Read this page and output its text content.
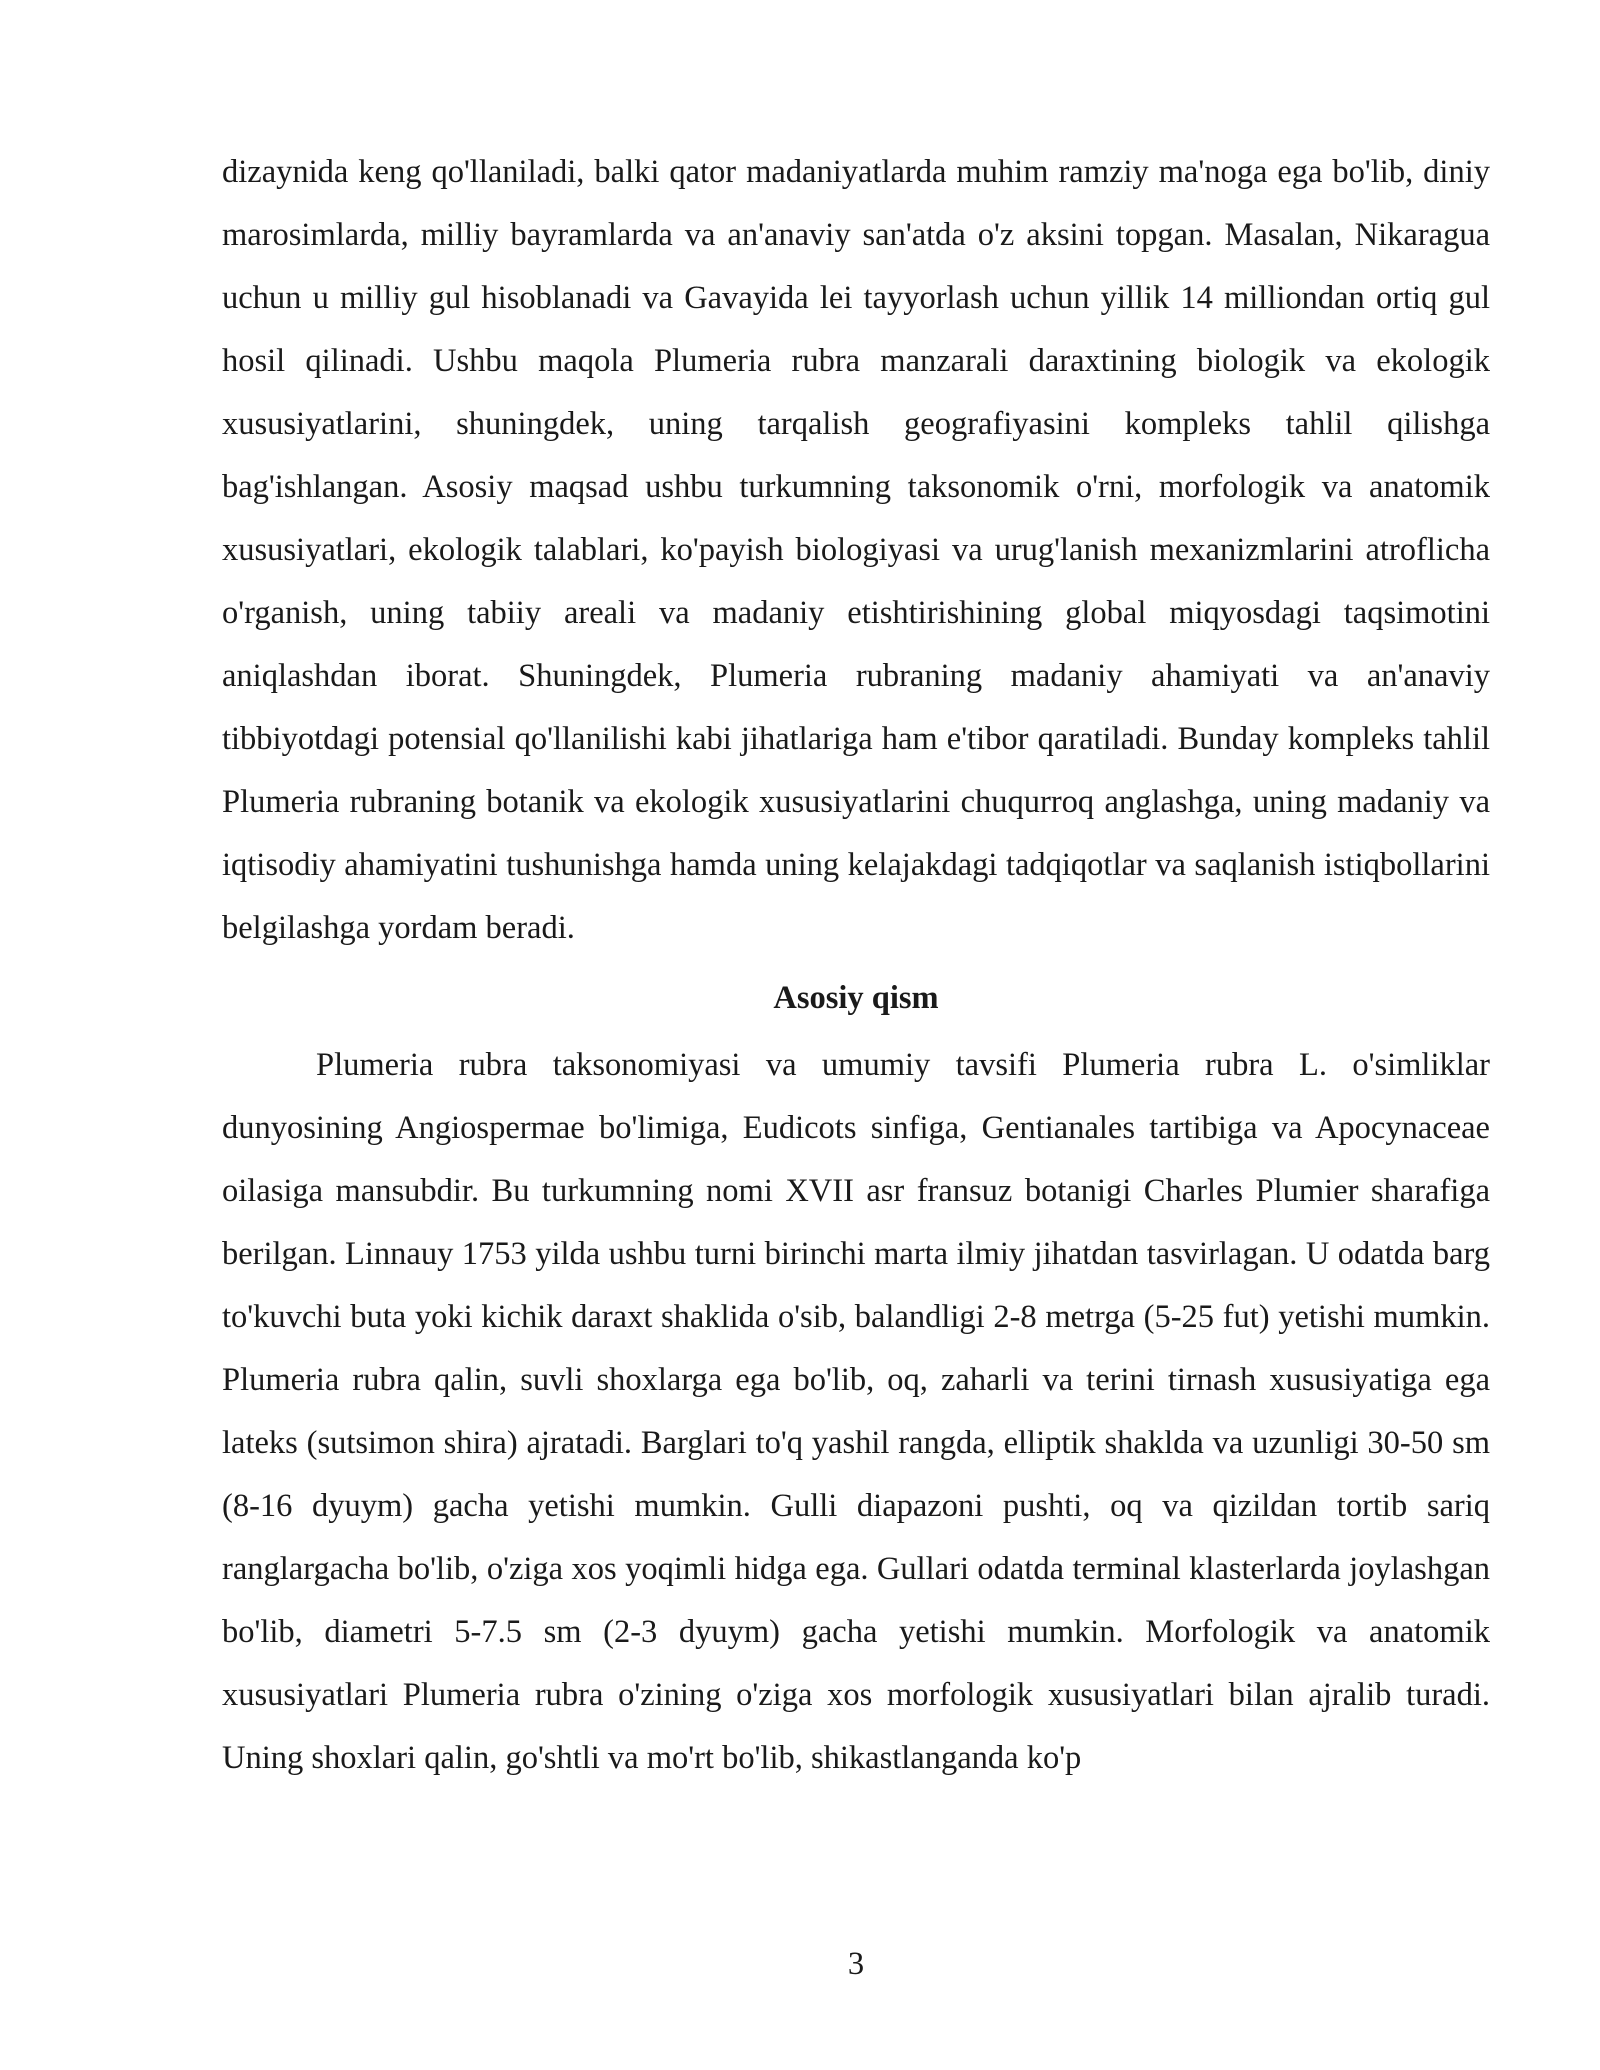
dizaynida keng qo'llaniladi, balki qator madaniyatlarda muhim ramziy ma'noga ega bo'lib, diniy marosimlarda, milliy bayramlarda va an'anaviy san'atda o'z aksini topgan. Masalan, Nikaragua uchun u milliy gul hisoblanadi va Gavayida lei tayyorlash uchun yillik 14 milliondan ortiq gul hosil qilinadi. Ushbu maqola Plumeria rubra manzarali daraxtining biologik va ekologik xususiyatlarini, shuningdek, uning tarqalish geografiyasini kompleks tahlil qilishga bag'ishlangan. Asosiy maqsad ushbu turkumning taksonomik o'rni, morfologik va anatomik xususiyatlari, ekologik talablari, ko'payish biologiyasi va urug'lanish mexanizmlarini atroflicha o'rganish, uning tabiiy areali va madaniy etishtirishining global miqyosdagi taqsimotini aniqlashdan iborat. Shuningdek, Plumeria rubraning madaniy ahamiyati va an'anaviy tibbiyotdagi potensial qo'llanilishi kabi jihatlariga ham e'tibor qaratiladi. Bunday kompleks tahlil Plumeria rubraning botanik va ekologik xususiyatlarini chuqurroq anglashga, uning madaniy va iqtisodiy ahamiyatini tushunishga hamda uning kelajakdagi tadqiqotlar va saqlanish istiqbollarini belgilashga yordam beradi.

Asosiy qism

Plumeria rubra taksonomiyasi va umumiy tavsifi Plumeria rubra L. o'simliklar dunyosining Angiospermae bo'limiga, Eudicots sinfiga, Gentianales tartibiga va Apocynaceae oilasiga mansubdir. Bu turkumning nomi XVII asr fransuz botanigi Charles Plumier sharafiga berilgan. Linnauy 1753 yilda ushbu turni birinchi marta ilmiy jihatdan tasvirlagan. U odatda barg to'kuvchi buta yoki kichik daraxt shaklida o'sib, balandligi 2-8 metrga (5-25 fut) yetishi mumkin. Plumeria rubra qalin, suvli shoxlarga ega bo'lib, oq, zaharli va terini tirnash xususiyatiga ega lateks (sutsimon shira) ajratadi. Barglari to'q yashil rangda, elliptik shaklda va uzunligi 30-50 sm (8-16 dyuym) gacha yetishi mumkin. Gulli diapazoni pushti, oq va qizildan tortib sariq ranglargacha bo'lib, o'ziga xos yoqimli hidga ega. Gullari odatda terminal klasterlarda joylashgan bo'lib, diametri 5-7.5 sm (2-3 dyuym) gacha yetishi mumkin. Morfologik va anatomik xususiyatlari Plumeria rubra o'zining o'ziga xos morfologik xususiyatlari bilan ajralib turadi. Uning shoxlari qalin, go'shtli va mo'rt bo'lib, shikastlanganda ko'p

3
